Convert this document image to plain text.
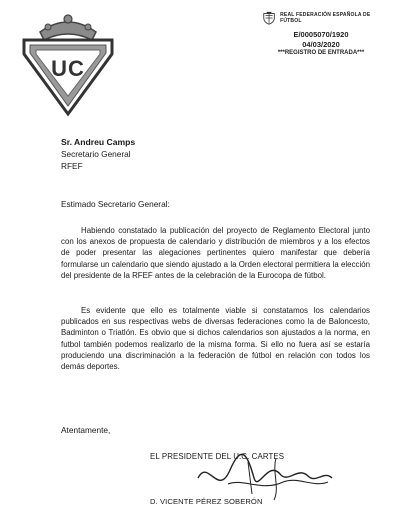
UC
REAL FEDERACIÓN ESPAÑOLA DE FÚTBOL
E/0005070/1920
04/03/2020
***REGISTRO DE ENTRADA***
Sr. Andreu Camps
Secretario General
RFEF
Estimado Secretario General:
Habiendo constatado la publicación del proyecto de Reglamento Electoral junto con los anexos de propuesta de calendario y distribución de miembros y a los efectos de poder presentar las alegaciones pertinentes quiero manifestar que debería formularse un calendario que siendo ajustado a la Orden electoral permitiera la elección del presidente de la RFEF antes de la celebración de la Eurocopa de fútbol.
Es evidente que ello es totalmente viable si constatamos los calendarios publicados en sus respectivas webs de diversas federaciones como la de Baloncesto, Badminton o Triatlón. Es obvio que si dichos calendarios son ajustados a la norma, en futbol también podemos realizarlo de la misma forma. Si ello no fuera así se estaría produciendo una discriminación a la federación de fútbol en relación con todos los demás deportes.
Atentamente,
EL PRESIDENTE DEL U.C. CARTES
D. VICENTE PÉREZ SOBERÓN
